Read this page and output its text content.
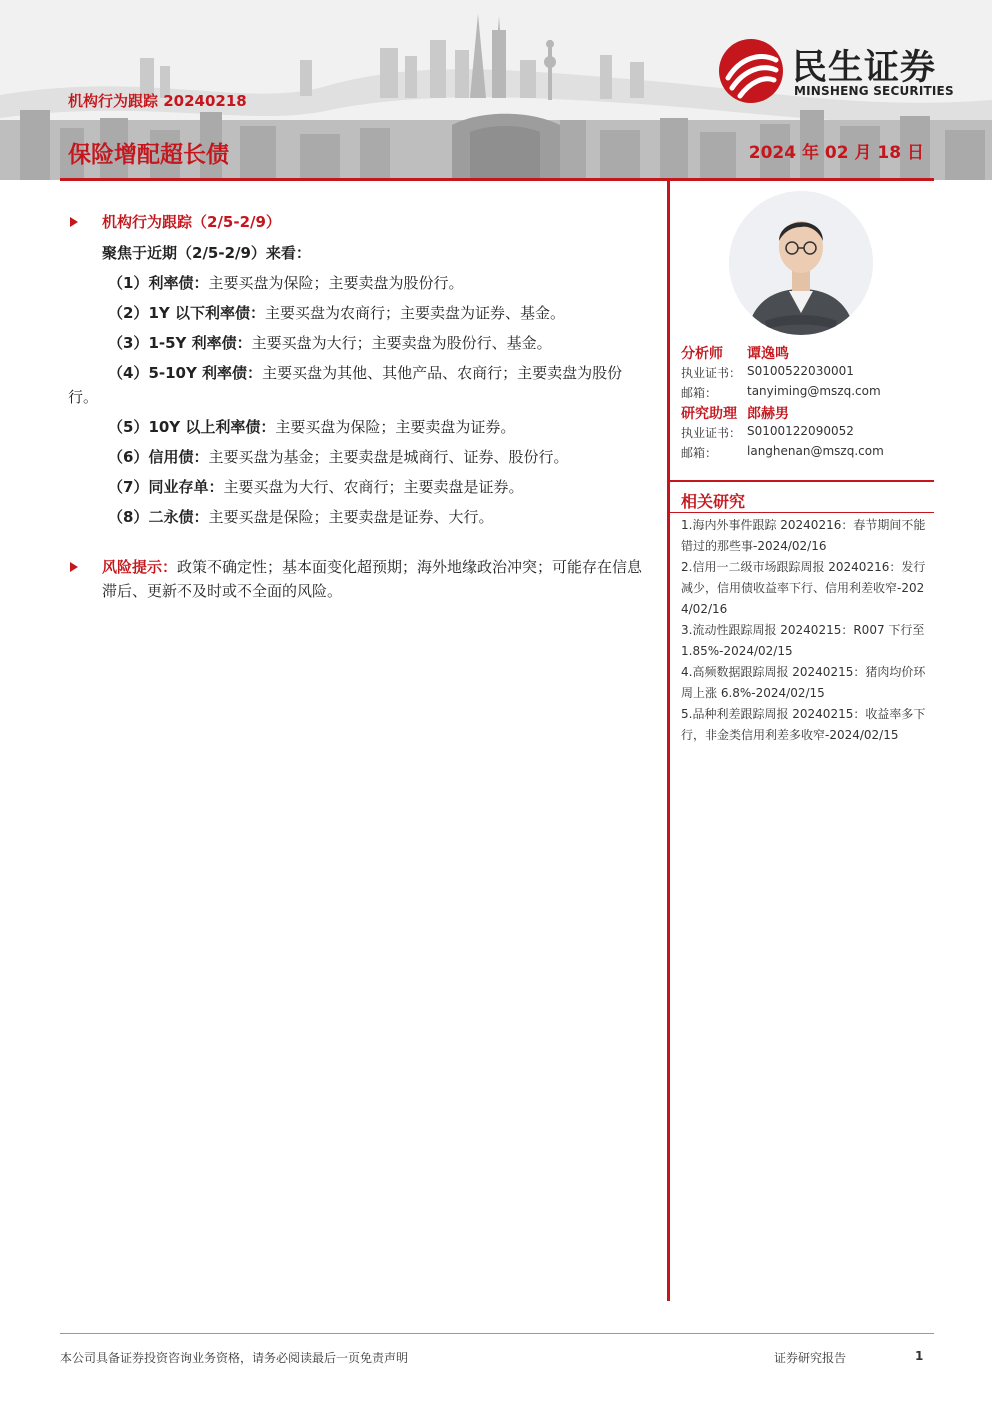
机构行为跟踪 20240218
保险增配超长债	2024 年 02 月 18 日
民生证券
MINSHENG SECURITIES
机构行为跟踪（2/5-2/9）
聚焦于近期（2/5-2/9）来看：
（1）利率债：主要买盘为保险；主要卖盘为股份行。
（2）1Y 以下利率债：主要买盘为农商行；主要卖盘为证券、基金。
（3）1-5Y 利率债：主要买盘为大行；主要卖盘为股份行、基金。
（4）5-10Y 利率债：主要买盘为其他、其他产品、农商行；主要卖盘为股份行。
（5）10Y 以上利率债：主要买盘为保险；主要卖盘为证券。
（6）信用债：主要买盘为基金；主要卖盘是城商行、证券、股份行。
（7）同业存单：主要买盘为大行、农商行；主要卖盘是证券。
（8）二永债：主要买盘是保险；主要卖盘是证券、大行。
风险提示：政策不确定性；基本面变化超预期；海外地缘政治冲突；可能存在信息滞后、更新不及时或不全面的风险。
分析师 谭逸鸣
执业证书： S0100522030001
邮箱： tanyiming@mszq.com
研究助理 郎赫男
执业证书： S0100122090052
邮箱： langhenan@mszq.com
相关研究
1.海内外事件跟踪 20240216：春节期间不能错过的那些事-2024/02/16
2.信用一二级市场跟踪周报 20240216：发行减少，信用债收益率下行、信用利差收窄-2024/02/16
3.流动性跟踪周报 20240215：R007 下行至1.85%-2024/02/15
4.高频数据跟踪周报 20240215：猪肉均价环周上涨 6.8%-2024/02/15
5.品种利差跟踪周报 20240215：收益率多下行，非金类信用利差多收窄-2024/02/15
本公司具备证券投资咨询业务资格，请务必阅读最后一页免责声明	证券研究报告	1
